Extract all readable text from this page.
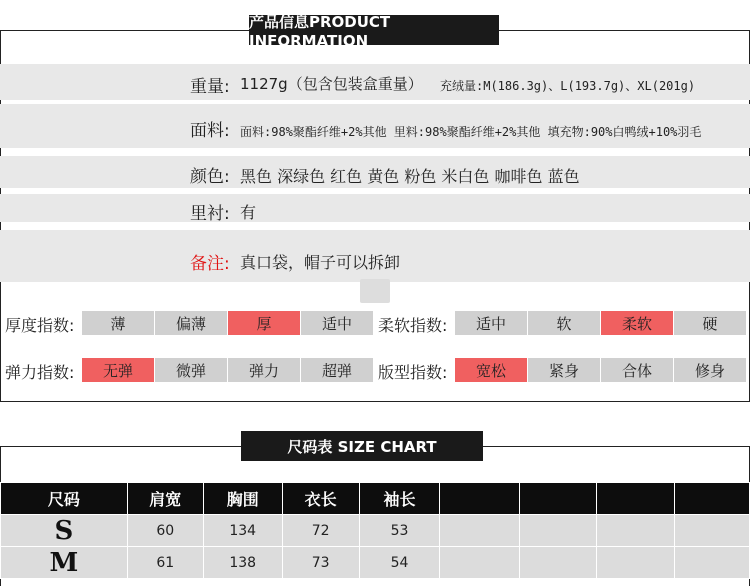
产品信息PRODUCT INFORMATION
重量: 1127g（包含包装盒重量） 充绒量:M(186.3g)、L(193.7g)、XL(201g)
面料: 面料:98%聚酯纤维+2%其他 里料:98%聚酯纤维+2%其他 填充物:90%白鸭绒+10%羽毛
颜色: 黑色 深绿色 红色 黄色 粉色 米白色 咖啡色 蓝色
里衬: 有
备注: 真口袋，帽子可以拆卸
厚度指数:	薄	偏薄	厚	适中	柔软指数:	适中	软	柔软	硬
弹力指数:	无弹	微弹	弹力	超弹	版型指数:	宽松	紧身	合体	修身
尺码表 SIZE CHART
尺码	肩宽	胸围	衣长	袖长				
S	60	134	72	53				
M	61	138	73	54				
